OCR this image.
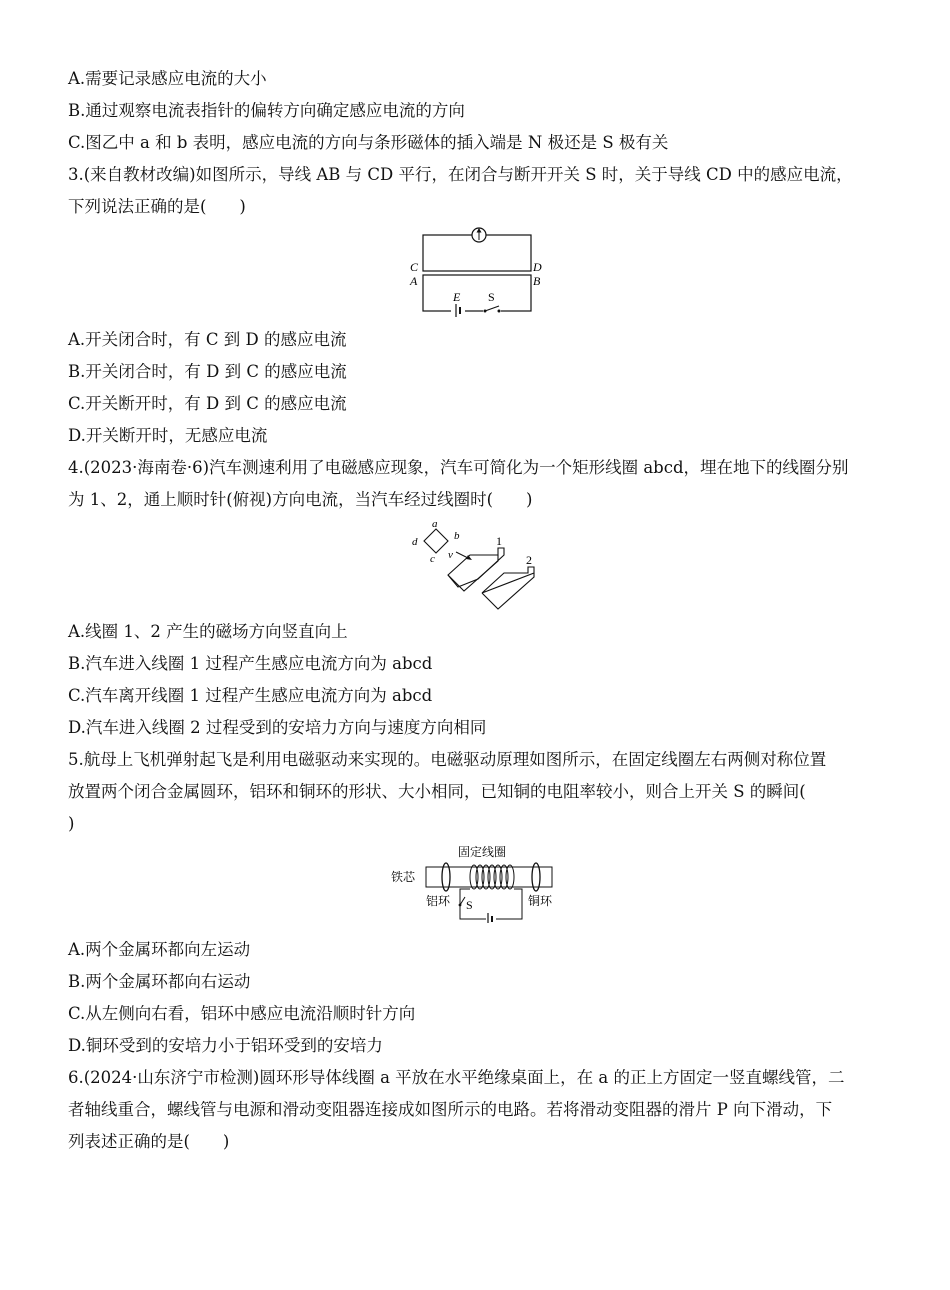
A.需要记录感应电流的大小
B.通过观察电流表指针的偏转方向确定感应电流的方向
C.图乙中 a 和 b 表明，感应电流的方向与条形磁体的插入端是 N 极还是 S 极有关
3.(来自教材改编)如图所示，导线 AB 与 CD 平行，在闭合与断开开关 S 时，关于导线 CD 中的感应电流，
下列说法正确的是(　　)
C	D
A	B
E S
A.开关闭合时，有 C 到 D 的感应电流
B.开关闭合时，有 D 到 C 的感应电流
C.开关断开时，有 D 到 C 的感应电流
D.开关断开时，无感应电流
4.(2023·海南卷·6)汽车测速利用了电磁感应现象，汽车可简化为一个矩形线圈 abcd，埋在地下的线圈分别
为 1、2，通上顺时针(俯视)方向电流，当汽车经过线圈时(　　)
a
b
c
d
v
1
2
A.线圈 1、2 产生的磁场方向竖直向上
B.汽车进入线圈 1 过程产生感应电流方向为 abcd
C.汽车离开线圈 1 过程产生感应电流方向为 abcd
D.汽车进入线圈 2 过程受到的安培力方向与速度方向相同
5.航母上飞机弹射起飞是利用电磁驱动来实现的。电磁驱动原理如图所示，在固定线圈左右两侧对称位置
放置两个闭合金属圆环，铝环和铜环的形状、大小相同，已知铜的电阻率较小，则合上开关 S 的瞬间(
)
固定线圈
铁芯
S
铝环	铜环
A.两个金属环都向左运动
B.两个金属环都向右运动
C.从左侧向右看，铝环中感应电流沿顺时针方向
D.铜环受到的安培力小于铝环受到的安培力
6.(2024·山东济宁市检测)圆环形导体线圈 a 平放在水平绝缘桌面上，在 a 的正上方固定一竖直螺线管，二
者轴线重合，螺线管与电源和滑动变阻器连接成如图所示的电路。若将滑动变阻器的滑片 P 向下滑动，下
列表述正确的是(　　)
